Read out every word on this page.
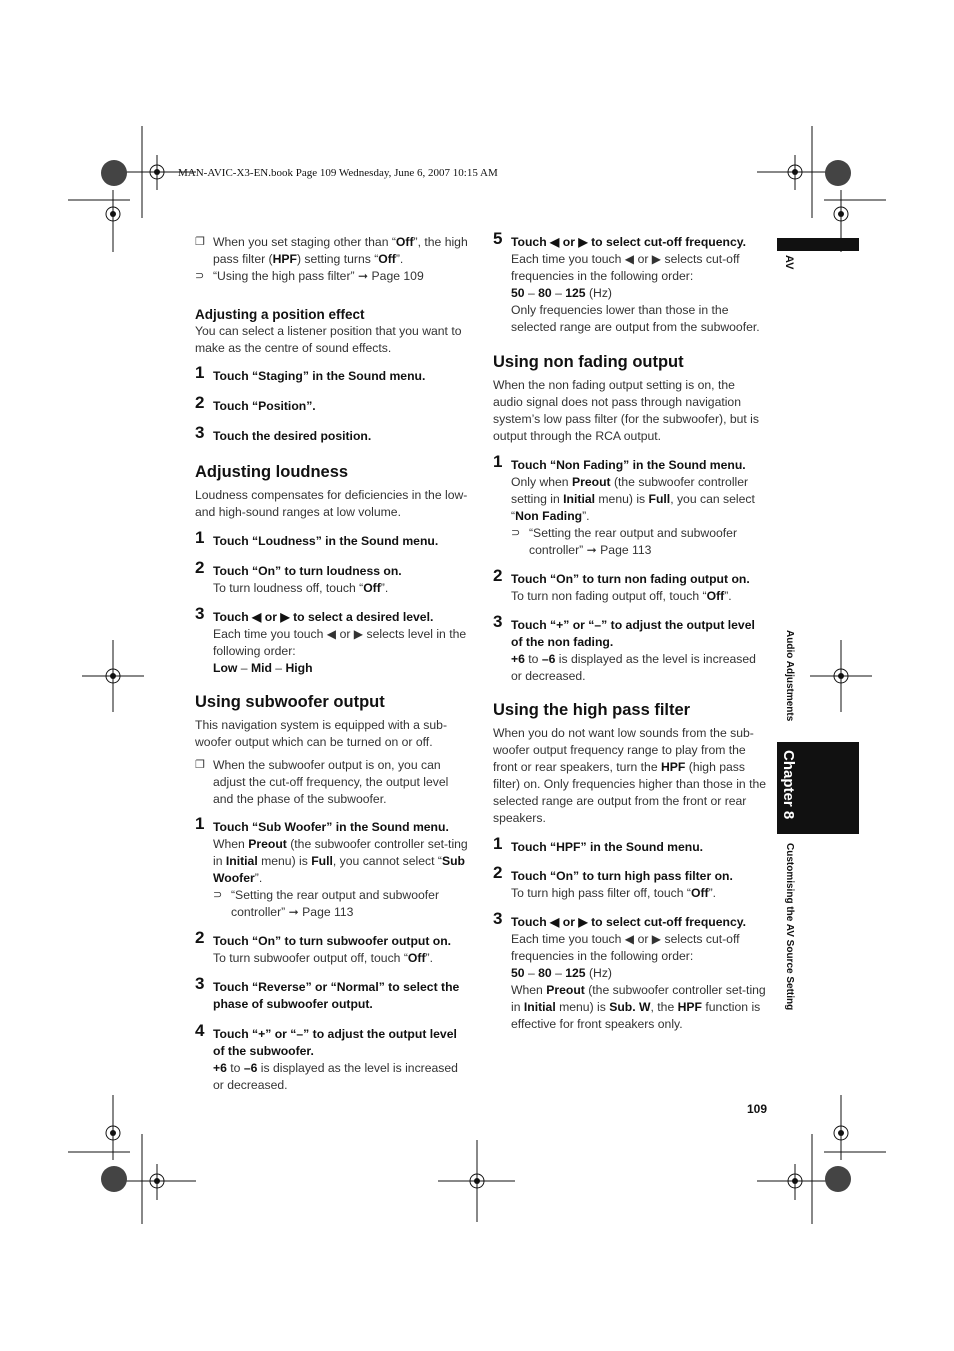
MAN-AVIC-X3-EN.book Page 109 Wednesday, June 6, 2007 10:15 AM

❐ When you set staging other than “Off”, the high pass filter (HPF) setting turns “Off”.

⊃ “Using the high pass filter” ➞ Page 109

Adjusting a position effect

You can select a listener position that you want to make as the centre of sound effects.

1 Touch “Staging” in the Sound menu.

2 Touch “Position”.

3 Touch the desired position.

Adjusting loudness

Loudness compensates for deficiencies in the low- and high-sound ranges at low volume.

1 Touch “Loudness” in the Sound menu.

2 Touch “On” to turn loudness on.

To turn loudness off, touch “Off”.

3 Touch ◀ or ▶ to select a desired level.

Each time you touch ◀ or ▶ selects level in the following order:

Low – Mid – High

Using subwoofer output

This navigation system is equipped with a sub-woofer output which can be turned on or off.

❐ When the subwoofer output is on, you can adjust the cut-off frequency, the output level and the phase of the subwoofer.

1 Touch “Sub Woofer” in the Sound menu.

When Preout (the subwoofer controller set-ting in Initial menu) is Full, you cannot select “Sub Woofer”.

⊃ “Setting the rear output and subwoofer controller” ➞ Page 113

2 Touch “On” to turn subwoofer output on.

To turn subwoofer output off, touch “Off”.

3 Touch “Reverse” or “Normal” to select the phase of subwoofer output.

4 Touch “+” or “–” to adjust the output level of the subwoofer.

+6 to –6 is displayed as the level is increased or decreased.

5 Touch ◀ or ▶ to select cut-off frequency.

Each time you touch ◀ or ▶ selects cut-off frequencies in the following order:

50 – 80 – 125 (Hz)

Only frequencies lower than those in the selected range are output from the subwoofer.

Using non fading output

When the non fading output setting is on, the audio signal does not pass through navigation system’s low pass filter (for the subwoofer), but is output through the RCA output.

1 Touch “Non Fading” in the Sound menu.

Only when Preout (the subwoofer controller setting in Initial menu) is Full, you can select “Non Fading”.

⊃ “Setting the rear output and subwoofer controller” ➞ Page 113

2 Touch “On” to turn non fading output on.

To turn non fading output off, touch “Off”.

3 Touch “+” or “–” to adjust the output level of the non fading.

+6 to –6 is displayed as the level is increased or decreased.

Using the high pass filter

When you do not want low sounds from the sub-woofer output frequency range to play from the front or rear speakers, turn the HPF (high pass filter) on. Only frequencies higher than those in the selected range are output from the front or rear speakers.

1 Touch “HPF” in the Sound menu.

2 Touch “On” to turn high pass filter on.

To turn high pass filter off, touch “Off”.

3 Touch ◀ or ▶ to select cut-off frequency.

Each time you touch ◀ or ▶ selects cut-off frequencies in the following order:

50 – 80 – 125 (Hz)

When Preout (the subwoofer controller set-ting in Initial menu) is Sub. W, the HPF function is effective for front speakers only.

AV
Audio Adjustments
Chapter 8
Customising the AV Source Setting
109
